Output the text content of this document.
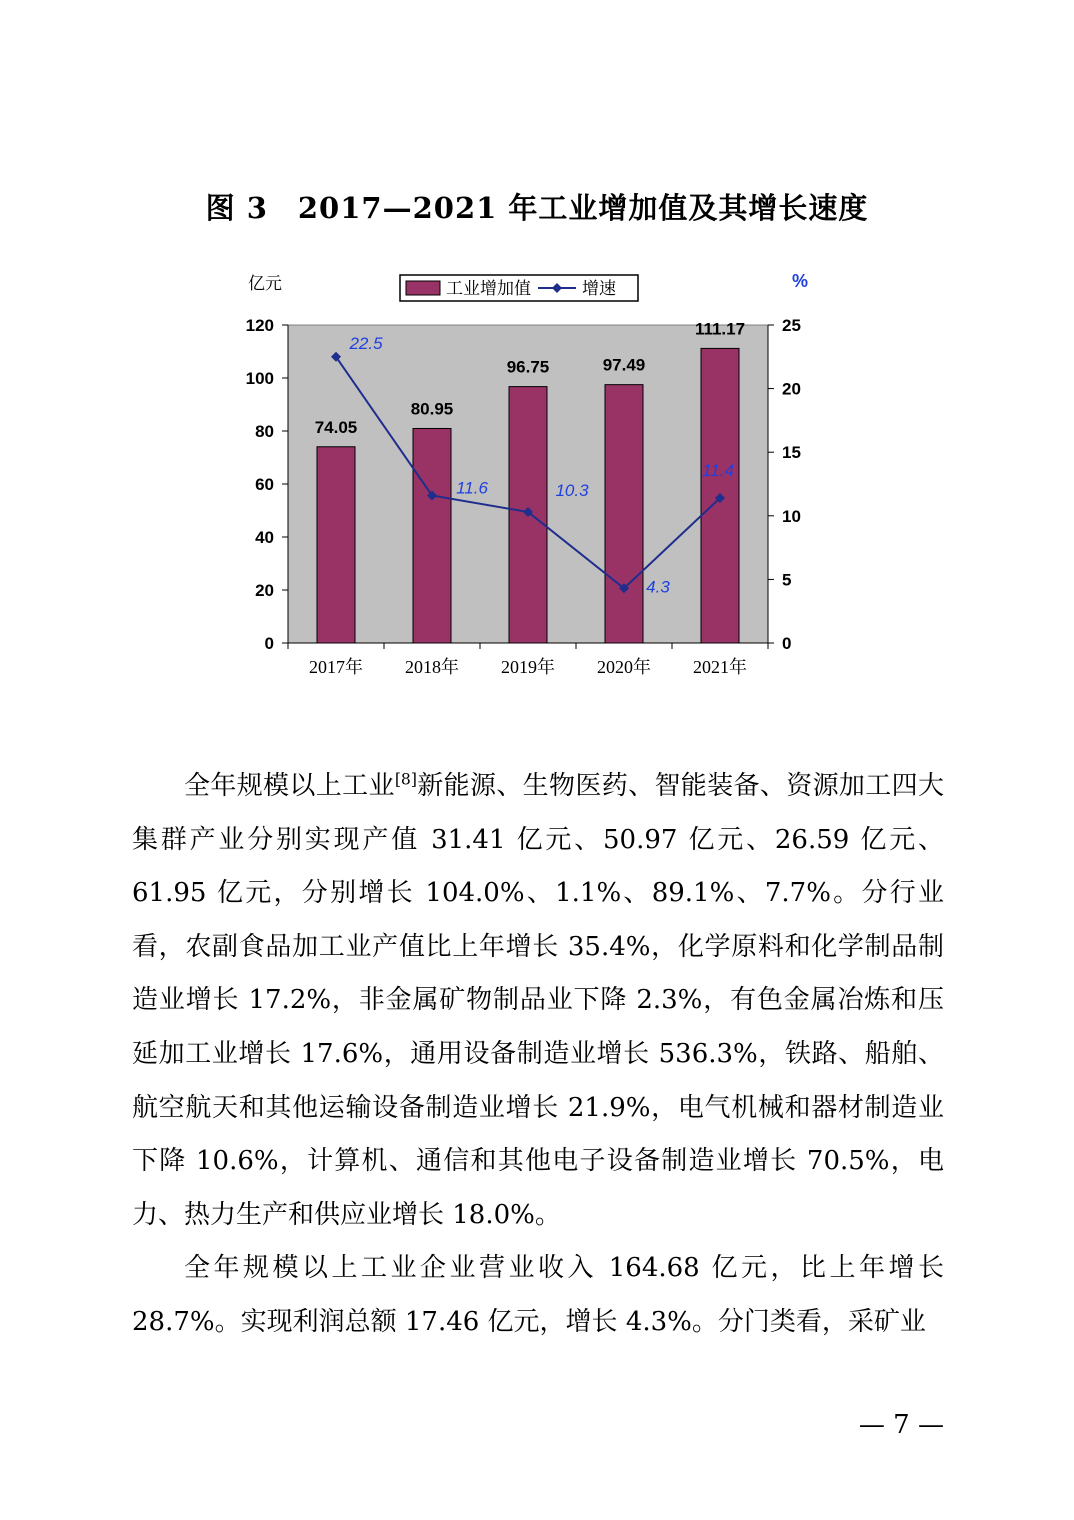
图 3　2017—2021 年工业增加值及其增长速度
0
20
40
60
80
100
120
0
5
10
15
20
25
2017年 2018年 2019年 2020年 2021年
亿元	%
74.05
80.95
96.75	97.49
111.17
22.5
11.6	10.3
4.3
11.4
工业增加值	增速

全年规模以上工业[8]新能源、生物医药、智能装备、资源加工四大集群产业分别实现产值 31.41 亿元、50.97 亿元、26.59 亿元、61.95 亿元，分别增长 104.0%、1.1%、89.1%、7.7%。分行业看，农副食品加工业产值比上年增长 35.4%，化学原料和化学制品制造业增长 17.2%，非金属矿物制品业下降 2.3%，有色金属冶炼和压延加工业增长 17.6%，通用设备制造业增长 536.3%，铁路、船舶、航空航天和其他运输设备制造业增长 21.9%，电气机械和器材制造业下降 10.6%，计算机、通信和其他电子设备制造业增长 70.5%，电力、热力生产和供应业增长 18.0%。

全年规模以上工业企业营业收入 164.68 亿元，比上年增长 28.7%。实现利润总额 17.46 亿元，增长 4.3%。分门类看，采矿业

— 7 —
